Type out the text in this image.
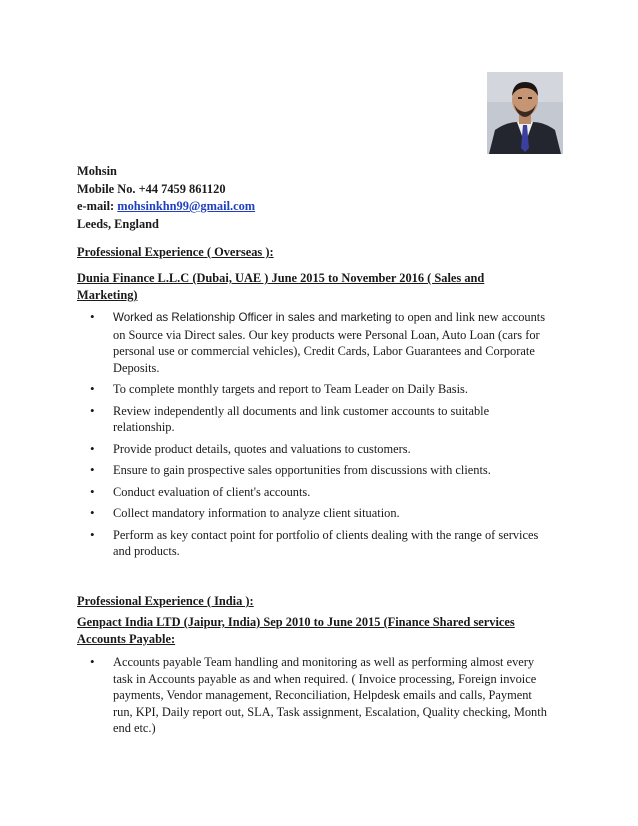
Mohsin
Mobile No. +44 7459 861120
e-mail: mohsinkhn99@gmail.com
Leeds, England
Professional Experience ( Overseas ):
Dunia Finance L.L.C (Dubai, UAE ) June 2015 to November 2016 ( Sales and Marketing)
• Worked as Relationship Officer in sales and marketing to open and link new accounts on Source via Direct sales. Our key products were Personal Loan, Auto Loan (cars for personal use or commercial vehicles), Credit Cards, Labor Guarantees and Corporate Deposits.
• To complete monthly targets and report to Team Leader on Daily Basis.
• Review independently all documents and link customer accounts to suitable relationship.
• Provide product details, quotes and valuations to customers.
• Ensure to gain prospective sales opportunities from discussions with clients.
• Conduct evaluation of client's accounts.
• Collect mandatory information to analyze client situation.
• Perform as key contact point for portfolio of clients dealing with the range of services and products.
Professional Experience ( India ):
Genpact India LTD (Jaipur, India) Sep 2010 to June 2015 (Finance Shared services Accounts Payable:
• Accounts payable Team handling and monitoring as well as performing almost every task in Accounts payable as and when required. ( Invoice processing, Foreign invoice payments, Vendor management, Reconciliation, Helpdesk emails and calls, Payment run, KPI, Daily report out, SLA, Task assignment, Escalation, Quality checking, Month end etc.)
